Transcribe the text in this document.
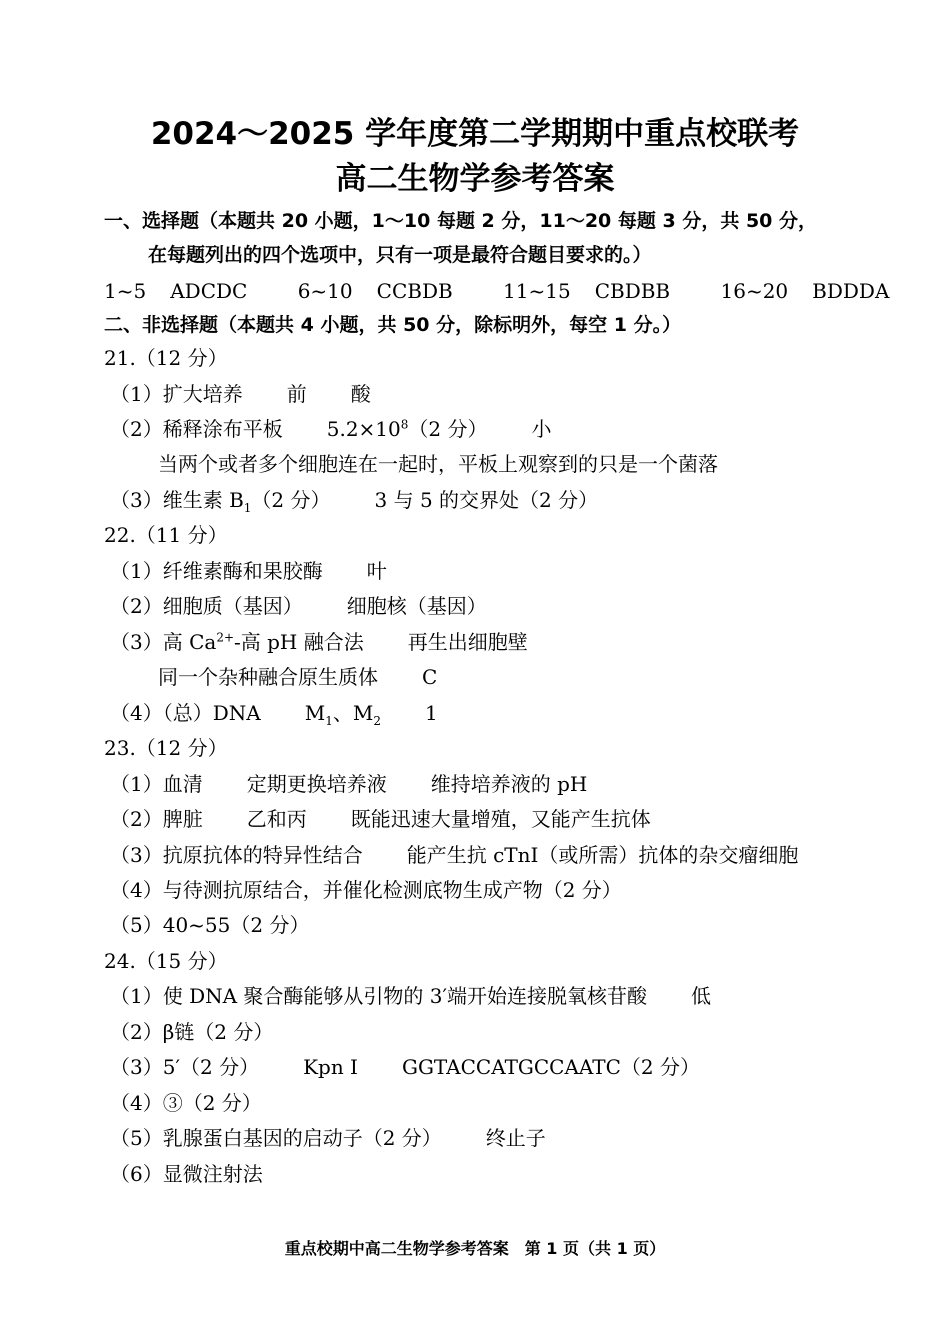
2024～2025 学年度第二学期期中重点校联考
高二生物学参考答案
一、选择题（本题共 20 小题，1～10 每题 2 分，11～20 每题 3 分，共 50 分，
在每题列出的四个选项中，只有一项是最符合题目要求的。）
1~5 ADCDC	6~10 CCBDB	11~15 CBDBB	16~20 BDDDA
二、非选择题（本题共 4 小题，共 50 分，除标明外，每空 1 分。）
21.（12 分）
（1）扩大培养 前 酸
（2）稀释涂布平板 $5.2\times 10^8(2$ 分） 小
当两个或者多个细胞连在一起时，平板上观察到的只是一个菌落
（3）维生素 $B_1(2$ 分） 3 与 5 的交界处（2 分）
22.（11 分）
（1）纤维素酶和果胶酶 叶
（2）细胞质（基因） 细胞核（基因）
（3）高 $Ca^{2+}-$高 pH 融合法 再生出细胞壁
同一个杂种融合原生质体 C
（4）（总）DNA $M_1$、$M_2$ 1
23.（12 分）
（1）血清 定期更换培养液 维持培养液的 pH
（2）脾脏 乙和丙 既能迅速大量增殖，又能产生抗体
（3）抗原抗体的特异性结合 能产生抗 cTnI（或所需）抗体的杂交瘤细胞
（4）与待测抗原结合，并催化检测底物生成产物（2 分）
（5）40~55（2 分）
24.（15 分）
（1）使 DNA 聚合酶能够从引物的 3′端开始连接脱氧核苷酸 低
（2）β链（2 分）
（3）5′（2 分） Kpn I GGTACCATGCCAATC（2 分）
（4）③（2 分）
（5）乳腺蛋白基因的启动子（2 分） 终止子
（6）显微注射法
重点校期中高二生物学参考答案　第 1 页（共 1 页）
